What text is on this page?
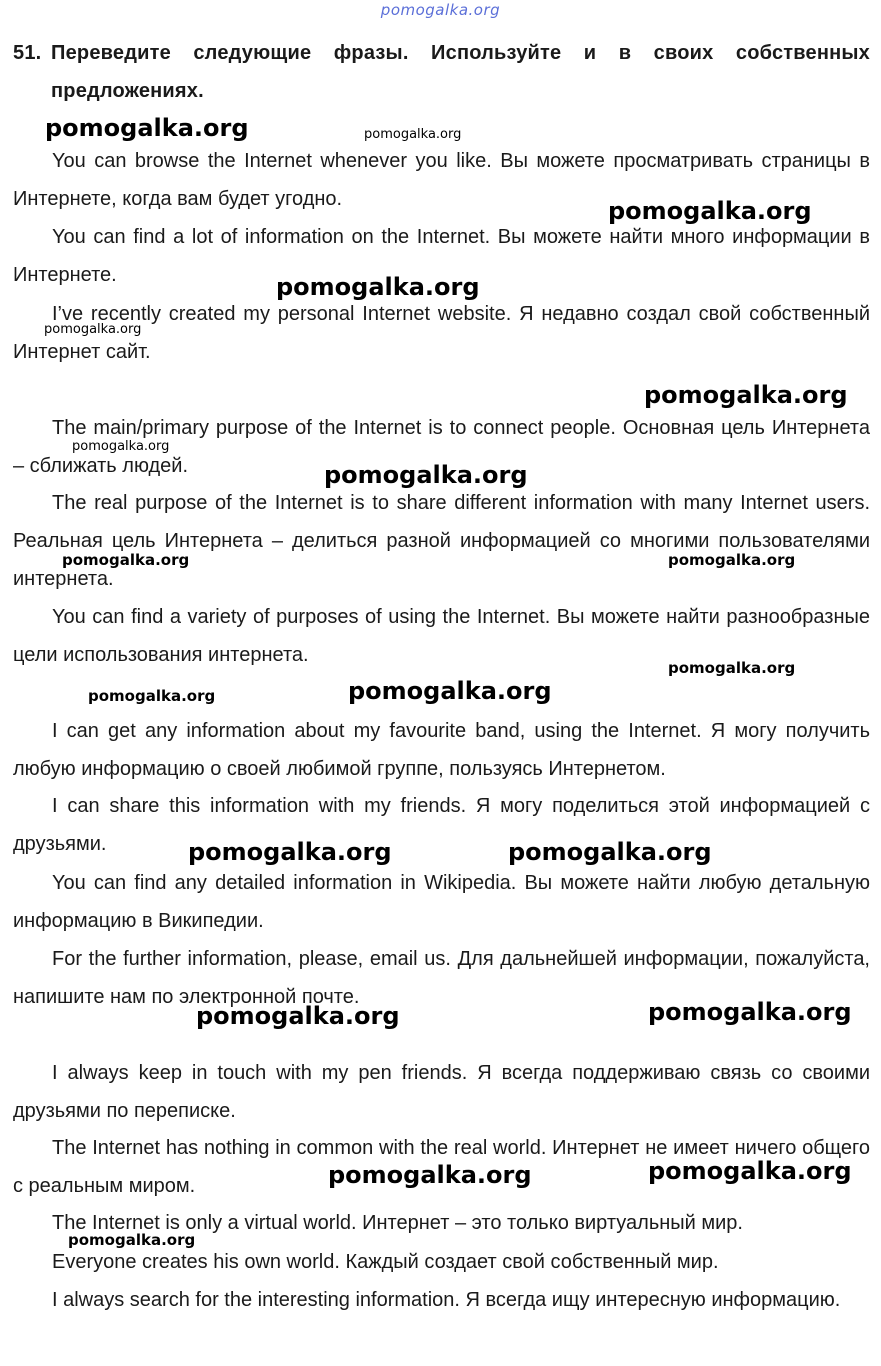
pomogalka.org
51. Переведите следующие фразы. Используйте и в своих собственных предложениях.
You can browse the Internet whenever you like. Вы можете просматривать страницы в Интернете, когда вам будет угодно.
You can find a lot of information on the Internet. Вы можете найти много информации в Интернете.
I’ve recently created my personal Internet website. Я недавно создал свой собственный Интернет сайт.
The main/primary purpose of the Internet is to connect people. Основная цель Интернета – сближать людей.
The real purpose of the Internet is to share different information with many Internet users. Реальная цель Интернета – делиться разной информацией со многими пользователями интернета.
You can find a variety of purposes of using the Internet. Вы можете найти разнообразные цели использования интернета.
I can get any information about my favourite band, using the Internet. Я могу получить любую информацию о своей любимой группе, пользуясь Интернетом.
I can share this information with my friends. Я могу поделиться этой информацией с друзьями.
You can find any detailed information in Wikipedia. Вы можете найти любую детальную информацию в Википедии.
For the further information, please, email us. Для дальнейшей информации, пожалуйста, напишите нам по электронной почте.
I always keep in touch with my pen friends. Я всегда поддерживаю связь со своими друзьями по переписке.
The Internet has nothing in common with the real world. Интернет не имеет ничего общего с реальным миром.
The Internet is only a virtual world. Интернет – это только виртуальный мир.
Everyone creates his own world. Каждый создает свой собственный мир.
I always search for the interesting information. Я всегда ищу интересную информацию.
pomogalka.org	pomogalka.org
pomogalka.org
pomogalka.org
pomogalka.org
pomogalka.org
pomogalka.org
pomogalka.org
pomogalka.org	pomogalka.org
pomogalka.org
pomogalka.org	pomogalka.org
pomogalka.org	pomogalka.org
pomogalka.org	pomogalka.org
pomogalka.org	pomogalka.org
pomogalka.org
